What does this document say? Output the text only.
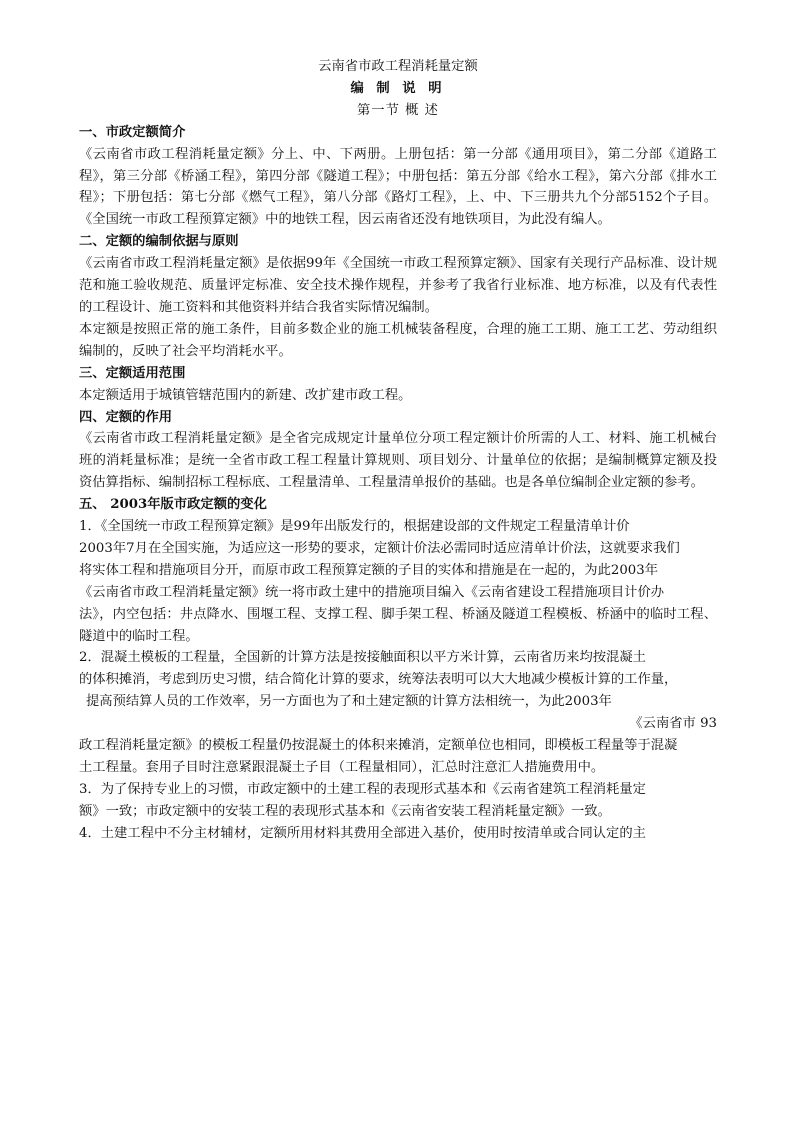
云南省市政工程消耗量定额
编 制 说 明
第一节 概 述

一、市政定额简介

《云南省市政工程消耗量定额》分上、中、下两册。上册包括：第一分部《通用项目》，第二分部《道路工程》，第三分部《桥涵工程》，第四分部《隧道工程》；中册包括：第五分部《给水工程》，第六分部《排水工程》；下册包括：第七分部《燃气工程》，第八分部《路灯工程》，上、中、下三册共九个分部5152个子目。《全国统一市政工程预算定额》中的地铁工程，因云南省还没有地铁项目，为此没有编人。

二、定额的编制依据与原则

《云南省市政工程消耗量定额》是依据99年《全国统一市政工程预算定额》、国家有关现行产品标准、设计规范和施工验收规范、质量评定标准、安全技术操作规程，并参考了我省行业标准、地方标准，以及有代表性的工程设计、施工资料和其他资料并结合我省实际情况编制。

本定额是按照正常的施工条件，目前多数企业的施工机械装备程度，合理的施工工期、施工工艺、劳动组织编制的，反映了社会平均消耗水平。

三、定额适用范围

本定额适用于城镇管辖范围内的新建、改扩建市政工程。

四、定额的作用

《云南省市政工程消耗量定额》是全省完成规定计量单位分项工程定额计价所需的人工、材料、施工机械台班的消耗量标准；是统一全省市政工程工程量计算规则、项目划分、计量单位的依据；是编制概算定额及投资估算指标、编制招标工程标底、工程量清单、工程量清单报价的基础。也是各单位编制企业定额的参考。

五、 2003年版市政定额的变化

1．《全国统一市政工程预算定额》是99年出版发行的，根据建设部的文件规定工程量清单计价

2003年7月在全国实施，为适应这一形势的要求，定额计价法必需同时适应清单计价法，这就要求我们

将实体工程和措施项目分开，而原市政工程预算定额的子目的实体和措施是在一起的，为此2003年

《云南省市政工程消耗量定额》统一将市政土建中的措施项目编入《云南省建设工程措施项目计价办

法》，内空包括：井点降水、围堰工程、支撑工程、脚手架工程、桥涵及隧道工程模板、桥涵中的临时工程、隧道中的临时工程。

2．混凝土模板的工程量，全国新的计算方法是按接触面积以平方米计算，云南省历来均按混凝土

的体积摊消，考虑到历史习惯，结合简化计算的要求，统筹法表明可以大大地减少模板计算的工作量，

提高预结算人员的工作效率，另一方面也为了和土建定额的计算方法相统一，为此2003年

《云南省市 93

政工程消耗量定额》的模板工程量仍按混凝土的体积来摊消，定额单位也相同，即模板工程量等于混凝

土工程量。套用子目时注意紧跟混凝土子目（工程量相同），汇总时注意汇人措施费用中。

3．为了保持专业上的习惯，市政定额中的土建工程的表现形式基本和《云南省建筑工程消耗量定

额》一致；市政定额中的安装工程的表现形式基本和《云南省安装工程消耗量定额》一致。

4．土建工程中不分主材辅材，定额所用材料其费用全部进入基价，使用时按清单或合同认定的主
